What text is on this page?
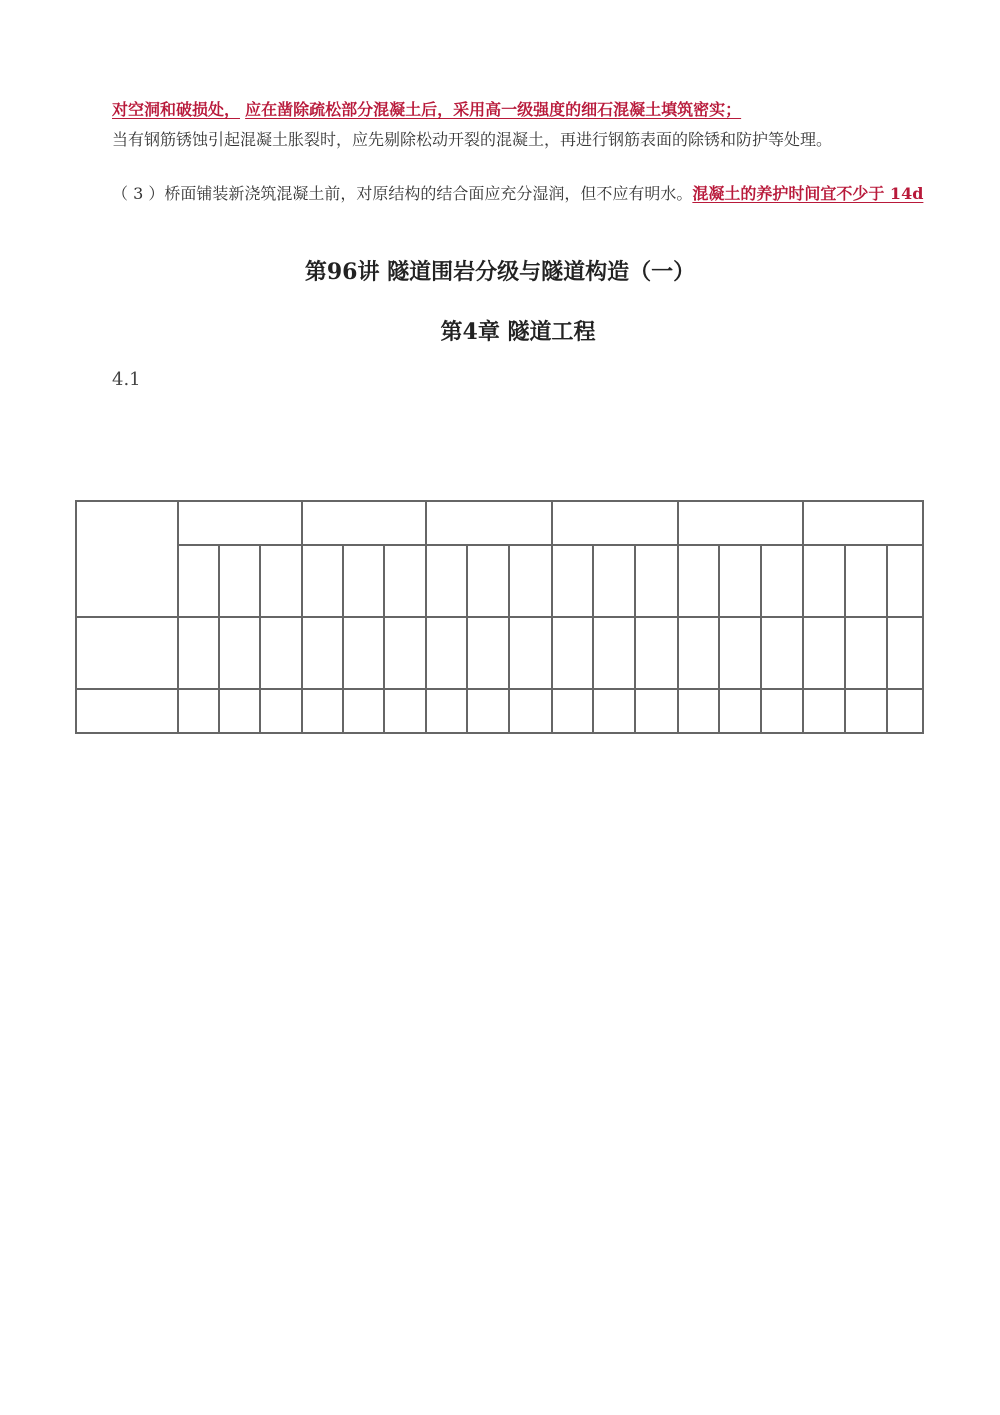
对空洞和破损处， 应在凿除疏松部分混凝土后，采用高一级强度的细石混凝土填筑密实；

当有钢筋锈蚀引起混凝土胀裂时，应先剔除松动开裂的混凝土，再进行钢筋表面的除锈和防护等处理。

（ 3 ）桥面铺装新浇筑混凝土前，对原结构的结合面应充分湿润，但不应有明水。混凝土的养护时间宜不少于 14d

第96讲 隧道围岩分级与隧道构造（一）
第4章 隧道工程
4.1
